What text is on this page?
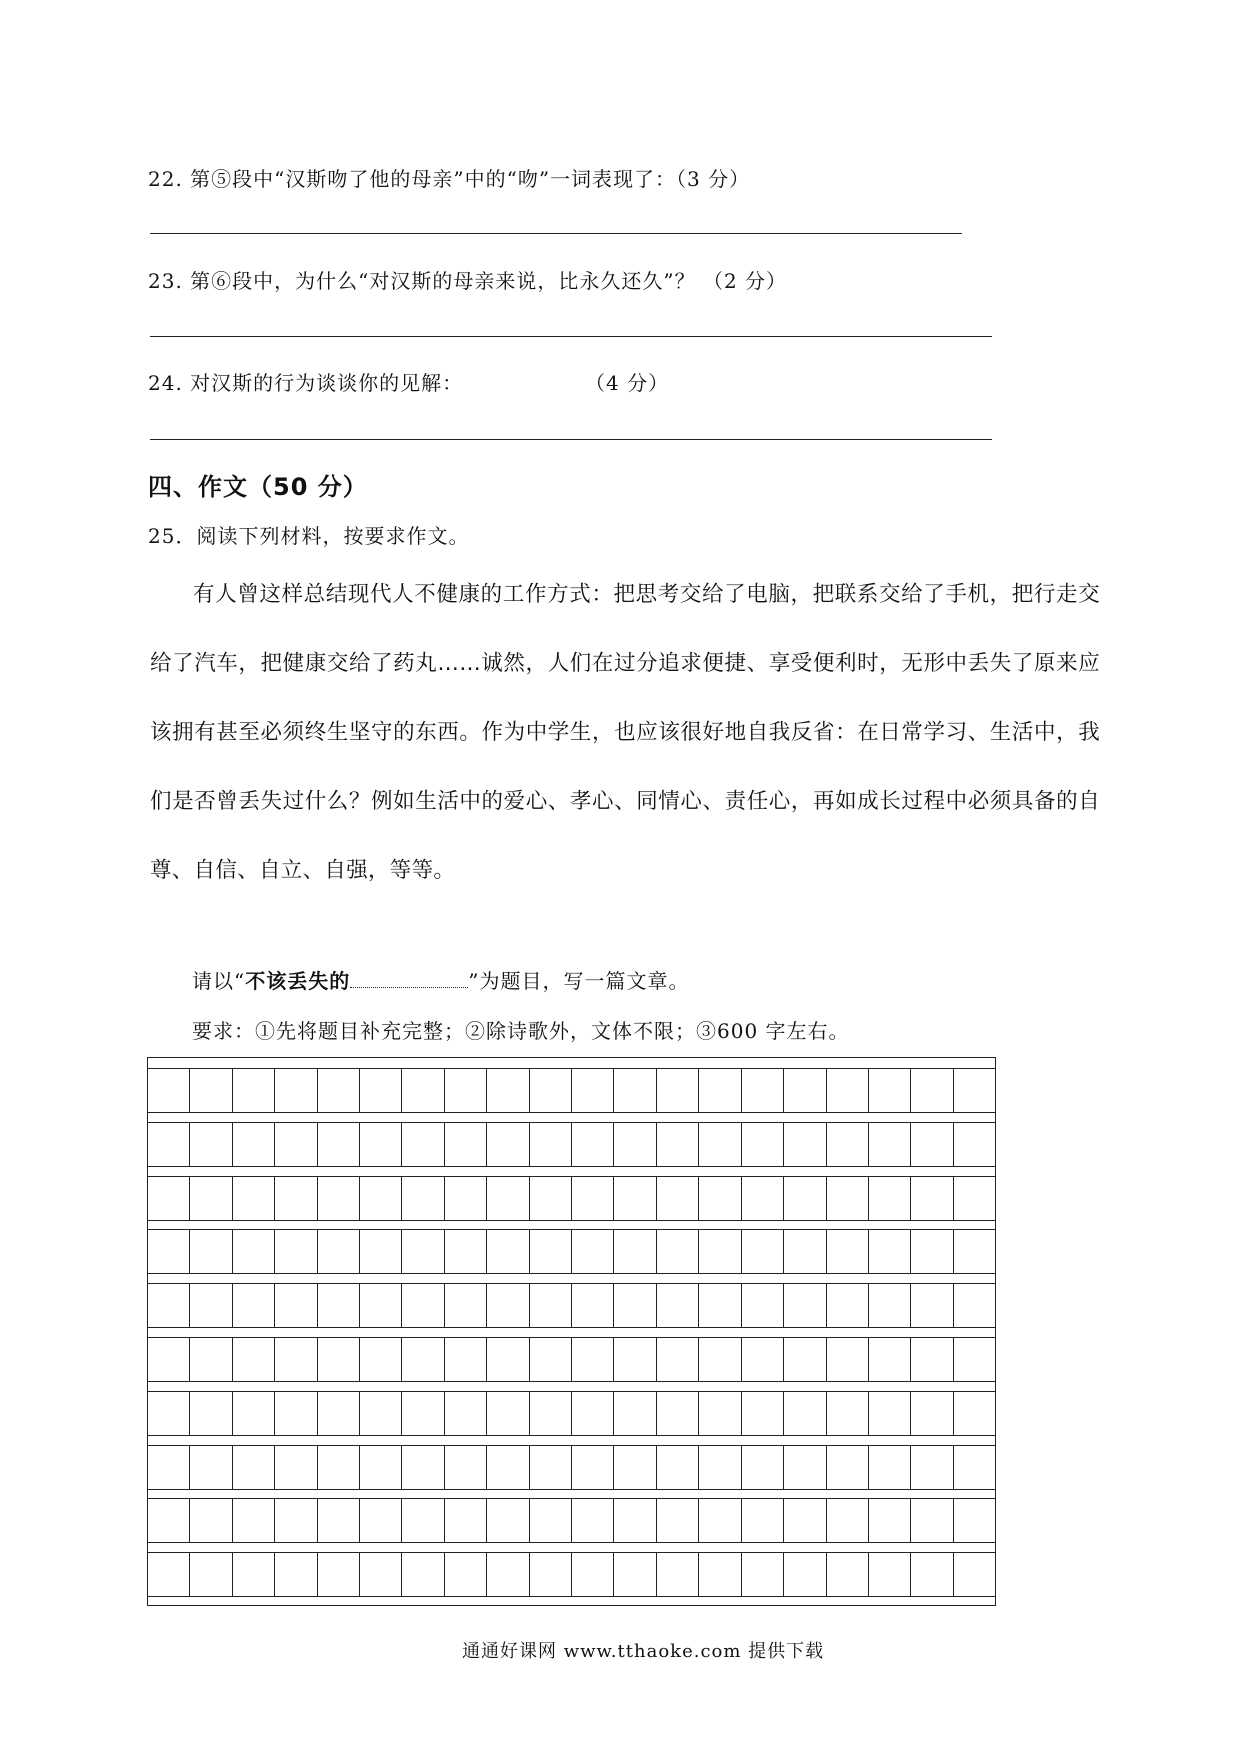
22. 第⑤段中“汉斯吻了他的母亲”中的“吻”一词表现了：（3 分）
23. 第⑥段中，为什么“对汉斯的母亲来说，比永久还久”？ （2 分）
24. 对汉斯的行为谈谈你的见解：	（4 分）
四、作文（50 分）
25．阅读下列材料，按要求作文。
有人曾这样总结现代人不健康的工作方式：把思考交给了电脑，把联系交给了手机，把行走交给了汽车，把健康交给了药丸……诚然，人们在过分追求便捷、享受便利时，无形中丢失了原来应该拥有甚至必须终生坚守的东西。作为中学生，也应该很好地自我反省：在日常学习、生活中，我们是否曾丢失过什么？例如生活中的爱心、孝心、同情心、责任心，再如成长过程中必须具备的自尊、自信、自立、自强，等等。
请以“不该丢失的	”为题目，写一篇文章。
要求：①先将题目补充完整；②除诗歌外，文体不限；③600 字左右。
通通好课网 www.tthaoke.com 提供下载
